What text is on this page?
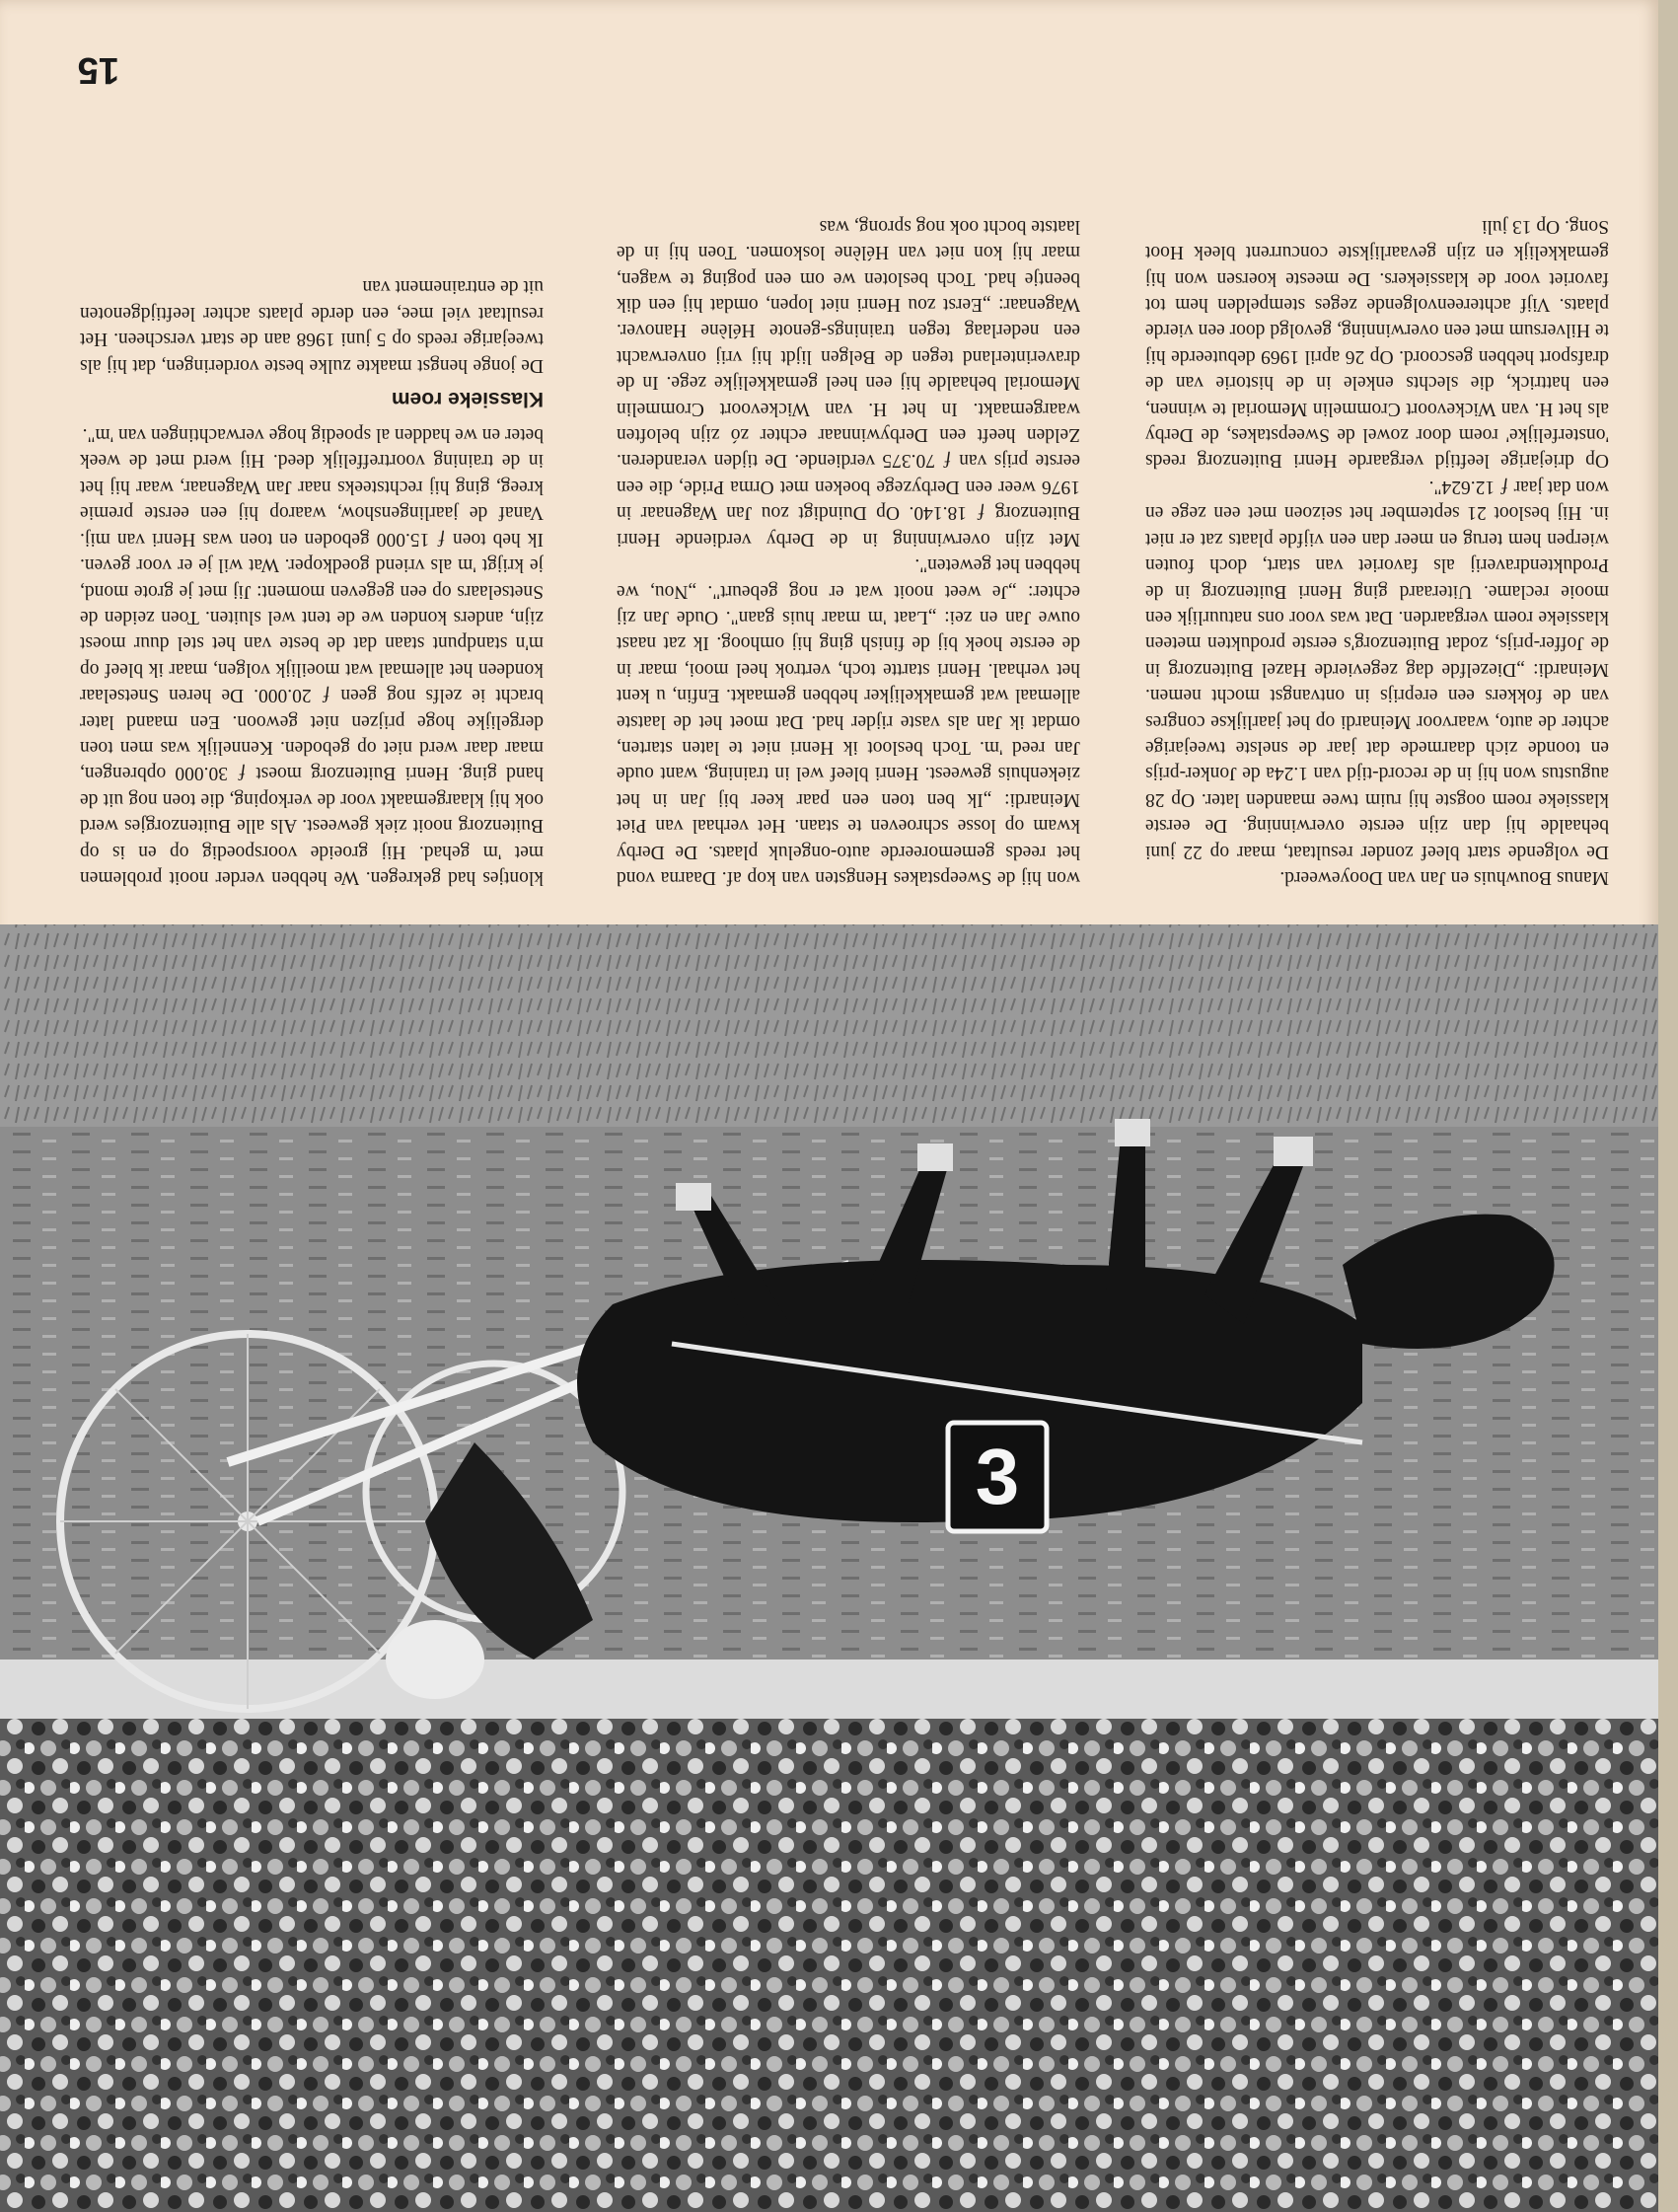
3

Manus Bouwhuis en Jan van Dooyeweerd.

De volgende start bleef zonder resultaat, maar op 22 juni behaalde hij dan zijn eerste overwinning. De eerste klassieke roem oogste hij ruim twee maanden later. Op 28 augustus won hij in de record-tijd van 1.24a de Jonker-prijs en toonde zich daarmede dat jaar de snelste tweejarige achter de auto, waarvoor Meinardi op het jaarlijkse congres van de fokkers een ereprijs in ontvangst mocht nemen. Meinardi: „Diezelfde dag zegevierde Hazel Buitenzorg in de Joffer-prijs, zodat Buitenzorg's eerste produkten meteen klassieke roem vergaarden. Dat was voor ons natuurlijk een mooie reclame. Uiteraard ging Henri Buitenzorg in de Produktendraverij als favoriet van start, doch fouten wierpen hem terug en meer dan een vijfde plaats zat er niet in. Hij besloot 21 september het seizoen met een zege en won dat jaar ƒ 12.624".

Op driejarige leeftijd vergaarde Henri Buitenzorg reeds 'onsterfelijke' roem door zowel de Sweepstakes, de Derby als het H. van Wickevoort Crommelin Memorial te winnen, een hattrick, die slechts enkele in de historie van de drafsport hebben gescoord. Op 26 april 1969 debuteerde hij te Hilversum met een overwinning, gevolgd door een vierde plaats. Vijf achtereenvolgende zeges stempelden hem tot favoriet voor de klassiekers. De meeste koersen won hij gemakkelijk en zijn gevaarlijkste concurrent bleek Hoot Song. Op 13 juli

won hij de Sweepstakes Hengsten van kop af. Daarna vond het reeds gememoreerde auto-ongeluk plaats. De Derby kwam op losse schroeven te staan. Het verhaal van Piet Meinardi: „Ik ben toen een paar keer bij Jan in het ziekenhuis geweest. Henri bleef wel in training, want oude Jan reed 'm. Toch besloot ik Henri niet te laten starten, omdat ik Jan als vaste rijder had. Dat moet het de laatste allemaal wat gemakkelijker hebben gemaakt. Enfin, u kent het verhaal. Henri startte toch, vertrok heel mooi, maar in de eerste hoek bij de finish ging hij omhoog. Ik zat naast ouwe Jan en zei: „Laat 'm maar huis gaan". Oude Jan zij echter: „Je weet nooit wat er nog gebeurt". „Nou, we hebben het geweten".

Met zijn overwinning in de Derby verdiende Henri Buitenzorg ƒ 18.140. Op Duindigt zou Jan Wagenaar in 1976 weer een Derbyzege boeken met Orma Pride, die een eerste prijs van ƒ 70.375 verdiende. De tijden veranderen. Zelden heeft een Derbywinnaar echter zó zijn beloften waargemaakt. In het H. van Wickevoort Crommelin Memorial behaalde hij een heel gemakkelijke zege. In de draverinterland tegen de Belgen lijdt hij vrij onverwacht een nederlaag tegen trainings-genote Hélène Hanover. Wagenaar: „Eerst zou Henri niet lopen, omdat hij een dik beentje had. Toch besloten we om een poging te wagen, maar hij kon niet van Hélène loskomen. Toen hij in de laatste bocht ook nog sprong, was

klontjes had gekregen. We hebben verder nooit problemen met 'm gehad. Hij groeide voorspoedig op en is op Buitenzorg nooit ziek geweest. Als alle Buitenzorgjes werd ook hij klaargemaakt voor de verkoping, die toen nog uit de hand ging. Henri Buitenzorg moest ƒ 30.000 opbrengen, maar daar werd niet op geboden. Kennelijk was men toen dergelijke hoge prijzen niet gewoon. Een maand later bracht ie zelfs nog geen ƒ 20.000. De heren Snetselaar kondeen het allemaal wat moeilijk volgen, maar ik bleef op m'n standpunt staan dat de beste van het stel duur moest zijn, anders konden we de tent wel sluiten. Toen zeiden de Snetselaars op een gegeven moment: Jij met je grote mond, je krijgt 'm als vriend goedkoper. Wat wil je er voor geven. Ik heb toen ƒ 15.000 geboden en toen was Henri van mij. Vanaf de jaarlingenshow, waarop hij een eerste premie kreeg, ging hij rechtsteeks naar Jan Wagenaar, waar hij het in de training voortreffelijk deed. Hij werd met de week beter en we hadden al spoedig hoge verwachtingen van 'm".

Klassieke roem

De jonge hengst maakte zulke beste vorderingen, dat hij als tweejarige reeds op 5 juni 1968 aan de start verscheen. Het resultaat viel mee, een derde plaats achter leeftijdgenoten uit de entrainement van

15
